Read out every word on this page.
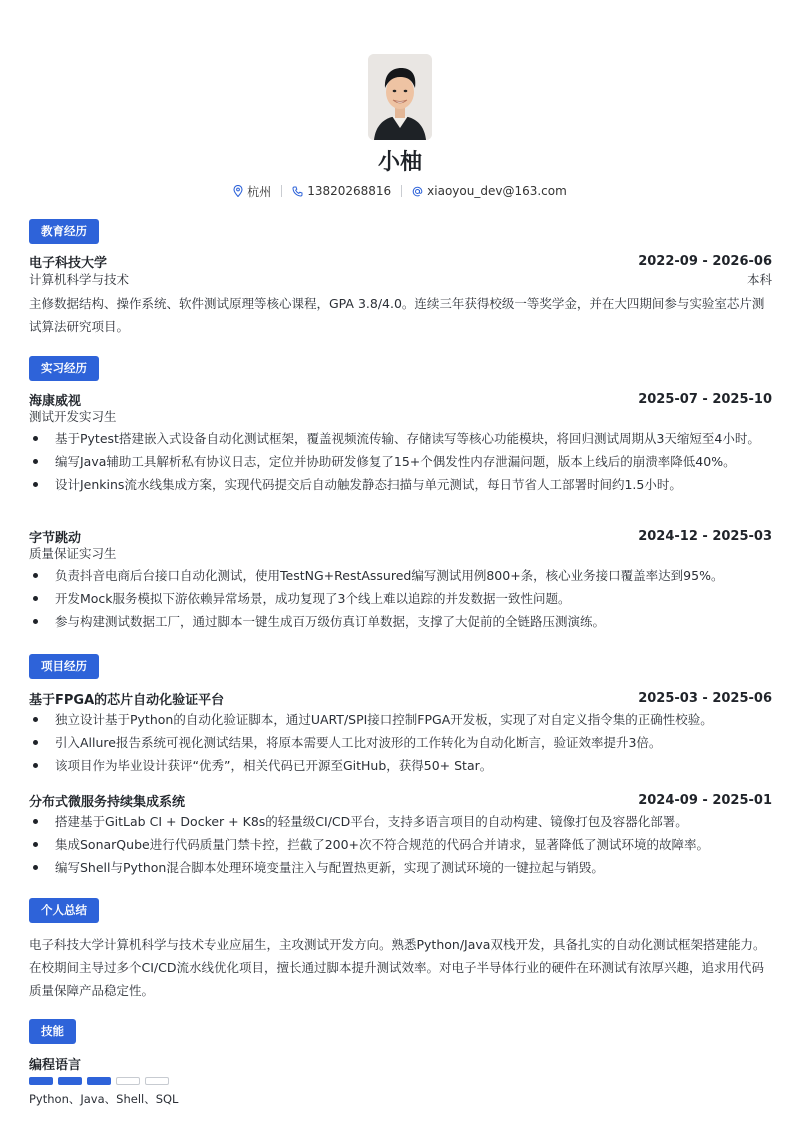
小柚
杭州	13820268816	xiaoyou_dev@163.com
教育经历
电子科技大学	2022-09 - 2026-06
计算机科学与技术	本科
主修数据结构、操作系统、软件测试原理等核心课程，GPA 3.8/4.0。连续三年获得校级一等奖学金，并在大四期间参与实验室芯片测试算法研究项目。
实习经历
海康威视	2025-07 - 2025-10
测试开发实习生
基于Pytest搭建嵌入式设备自动化测试框架，覆盖视频流传输、存储读写等核心功能模块，将回归测试周期从3天缩短至4小时。
编写Java辅助工具解析私有协议日志，定位并协助研发修复了15+个偶发性内存泄漏问题，版本上线后的崩溃率降低40%。
设计Jenkins流水线集成方案，实现代码提交后自动触发静态扫描与单元测试，每日节省人工部署时间约1.5小时。
字节跳动	2024-12 - 2025-03
质量保证实习生
负责抖音电商后台接口自动化测试，使用TestNG+RestAssured编写测试用例800+条，核心业务接口覆盖率达到95%。
开发Mock服务模拟下游依赖异常场景，成功复现了3个线上难以追踪的并发数据一致性问题。
参与构建测试数据工厂，通过脚本一键生成百万级仿真订单数据，支撑了大促前的全链路压测演练。
项目经历
基于FPGA的芯片自动化验证平台	2025-03 - 2025-06
独立设计基于Python的自动化验证脚本，通过UART/SPI接口控制FPGA开发板，实现了对自定义指令集的正确性校验。
引入Allure报告系统可视化测试结果，将原本需要人工比对波形的工作转化为自动化断言，验证效率提升3倍。
该项目作为毕业设计获评“优秀”，相关代码已开源至GitHub，获得50+ Star。
分布式微服务持续集成系统	2024-09 - 2025-01
搭建基于GitLab CI + Docker + K8s的轻量级CI/CD平台，支持多语言项目的自动构建、镜像打包及容器化部署。
集成SonarQube进行代码质量门禁卡控，拦截了200+次不符合规范的代码合并请求，显著降低了测试环境的故障率。
编写Shell与Python混合脚本处理环境变量注入与配置热更新，实现了测试环境的一键拉起与销毁。
个人总结
电子科技大学计算机科学与技术专业应届生，主攻测试开发方向。熟悉Python/Java双栈开发，具备扎实的自动化测试框架搭建能力。在校期间主导过多个CI/CD流水线优化项目，擅长通过脚本提升测试效率。对电子半导体行业的硬件在环测试有浓厚兴趣，追求用代码质量保障产品稳定性。
技能
编程语言
Python、Java、Shell、SQL
